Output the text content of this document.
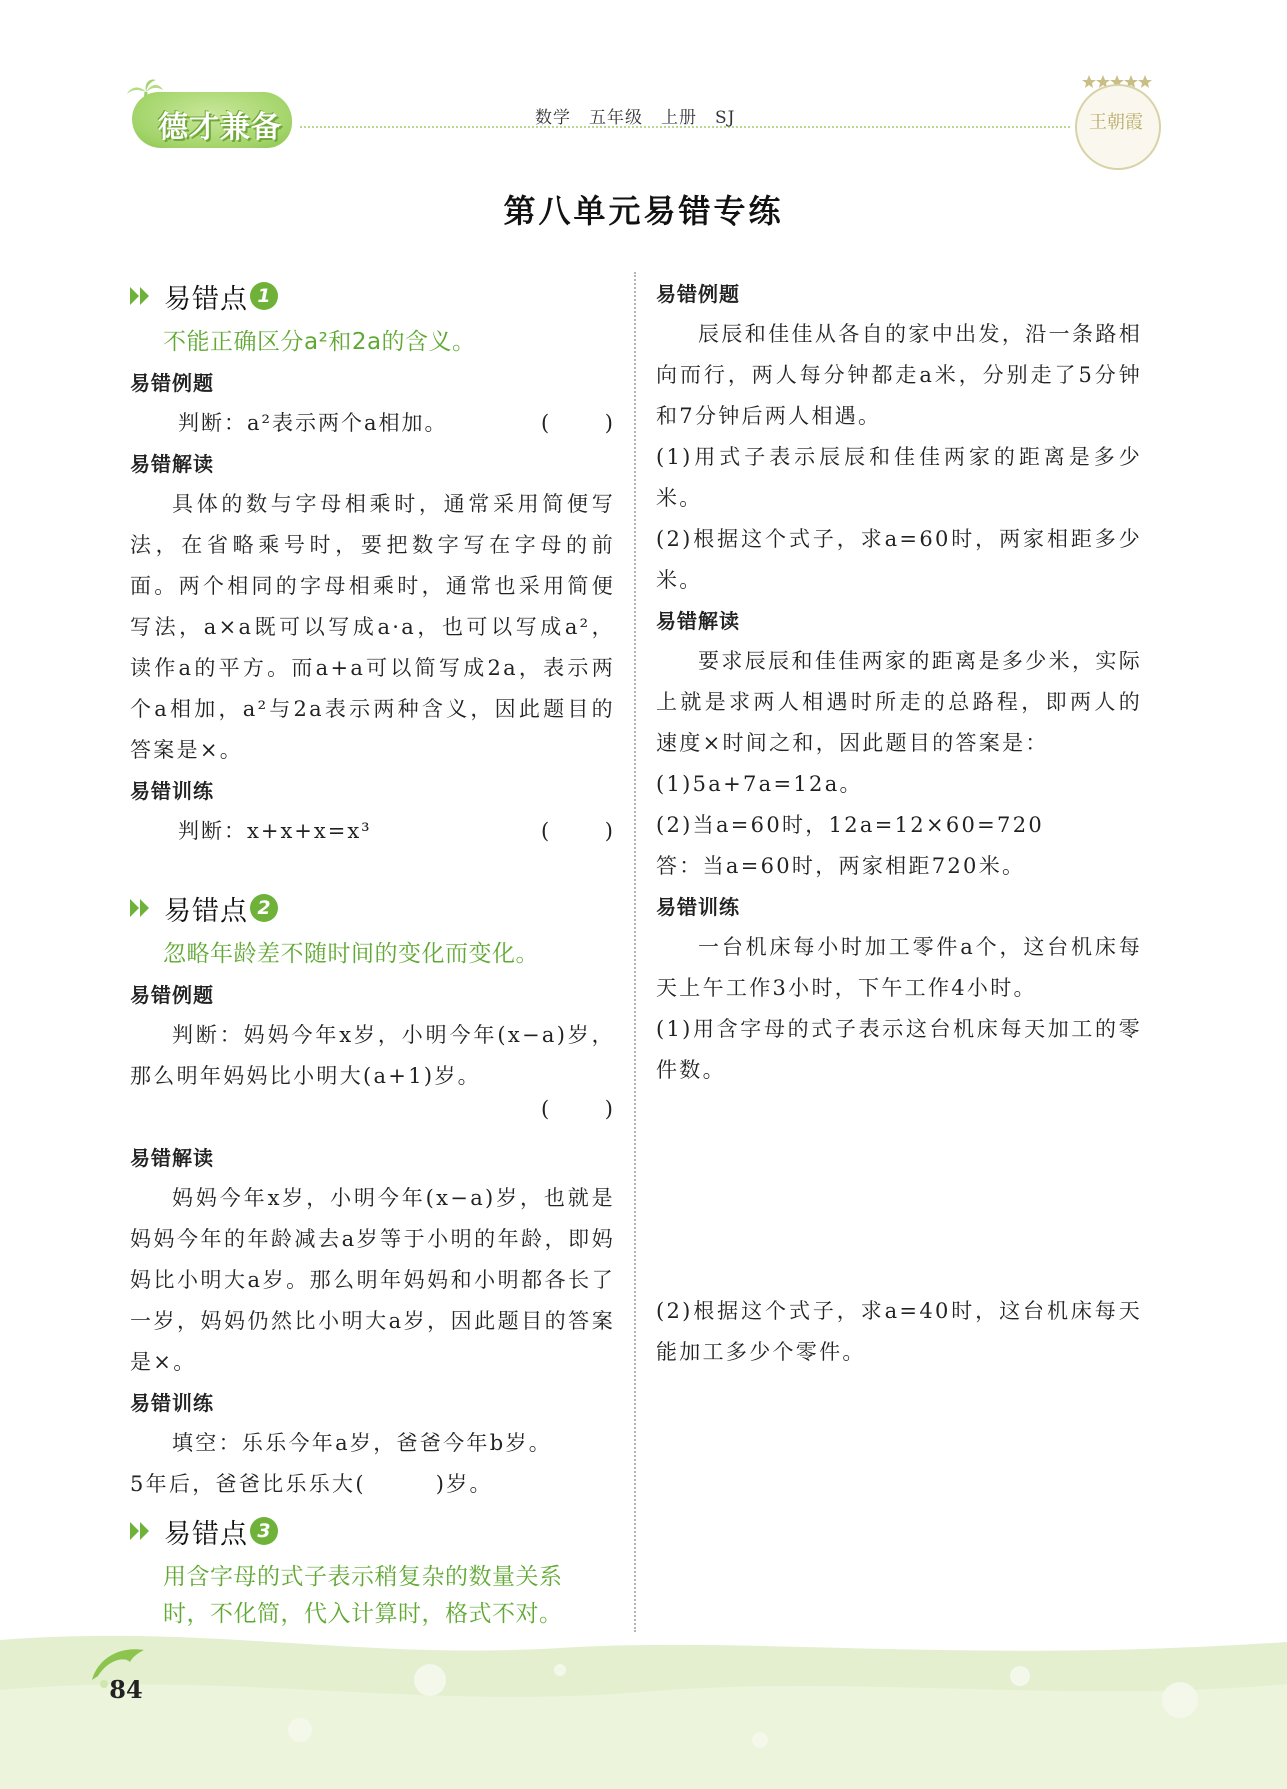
德才兼备	数学　五年级　上册　SJ	王朝霞
第八单元易错专练
易错点 1
不能正确区分a²和2a的含义。
易错例题
判断：a²表示两个a相加。	(	)
易错解读

具体的数与字母相乘时，通常采用简便写法，在省略乘号时，要把数字写在字母的前面。两个相同的字母相乘时，通常也采用简便写法，a×a既可以写成a·a，也可以写成a²，读作a的平方。而a+a可以简写成2a，表示两个a相加，a²与2a表示两种含义，因此题目的答案是×。

易错训练
判断：x+x+x=x³	(	)
易错点 2
忽略年龄差不随时间的变化而变化。
易错例题

判断：妈妈今年x岁，小明今年(x−a)岁，那么明年妈妈比小明大(a+1)岁。

(	)
易错解读

妈妈今年x岁，小明今年(x−a)岁，也就是妈妈今年的年龄减去a岁等于小明的年龄，即妈妈比小明大a岁。那么明年妈妈和小明都各长了一岁，妈妈仍然比小明大a岁，因此题目的答案是×。

易错训练

填空：乐乐今年a岁，爸爸今年b岁。

5年后，爸爸比乐乐大(　　　)岁。

易错点 3
用含字母的式子表示稍复杂的数量关系
时，不化简，代入计算时，格式不对。
易错例题

辰辰和佳佳从各自的家中出发，沿一条路相向而行，两人每分钟都走a米，分别走了5分钟和7分钟后两人相遇。

(1)用式子表示辰辰和佳佳两家的距离是多少米。

(2)根据这个式子，求a=60时，两家相距多少米。

易错解读

要求辰辰和佳佳两家的距离是多少米，实际上就是求两人相遇时所走的总路程，即两人的速度×时间之和，因此题目的答案是：

(1)5a+7a=12a。

(2)当a=60时，12a=12×60=720

答：当a=60时，两家相距720米。

易错训练

一台机床每小时加工零件a个，这台机床每天上午工作3小时，下午工作4小时。

(1)用含字母的式子表示这台机床每天加工的零件数。

(2)根据这个式子，求a=40时，这台机床每天能加工多少个零件。

84
